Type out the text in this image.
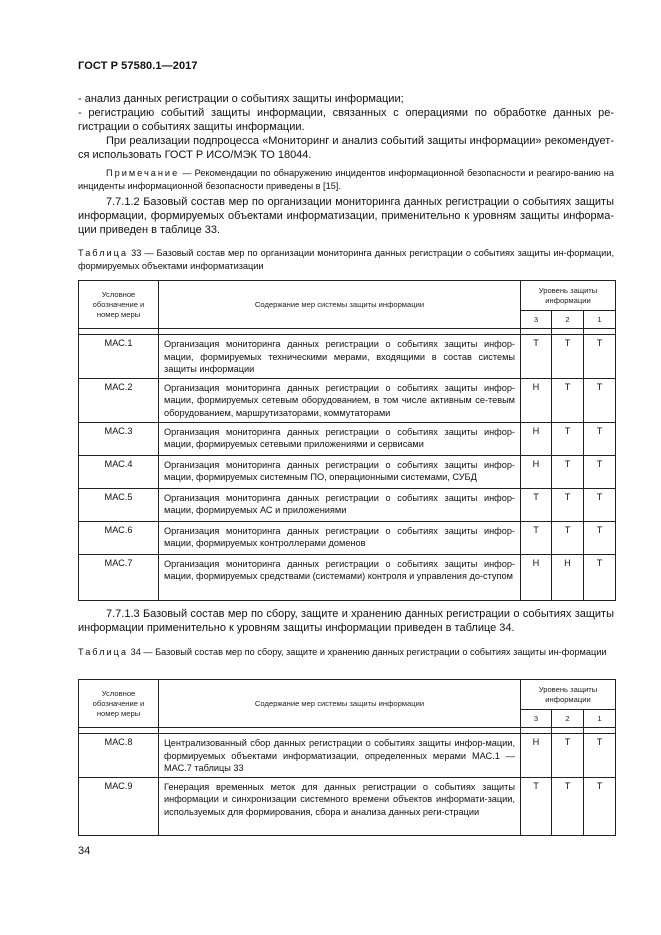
ГОСТ Р 57580.1—2017
- анализ данных регистрации о событиях защиты информации;
- регистрацию событий защиты информации, связанных с операциями по обработке данных ре-гистрации о событиях защиты информации.
При реализации подпроцесса «Мониторинг и анализ событий защиты информации» рекомендует-ся использовать ГОСТ Р ИСО/МЭК ТО 18044.
Примечание — Рекомендации по обнаружению инцидентов информационной безопасности и реагиро-ванию на инциденты информационной безопасности приведены в [15].
7.7.1.2 Базовый состав мер по организации мониторинга данных регистрации о событиях защиты информации, формируемых объектами информатизации, применительно к уровням защиты информа-ции приведен в таблице 33.
Таблица 33 — Базовый состав мер по организации мониторинга данных регистрации о событиях защиты ин-формации, формируемых объектами информатизации
Условное обозначение и номер меры	Содержание мер системы защиты информации	Уровень защиты информации		
		3	2	1

МАС.1	Организация мониторинга данных регистрации о событиях защиты инфор-мации, формируемых техническими мерами, входящими в состав системы защиты информации	Т	Т	Т
МАС.2	Организация мониторинга данных регистрации о событиях защиты инфор-мации, формируемых сетевым оборудованием, в том числе активным се-тевым оборудованием, маршрутизаторами, коммутаторами	Н	Т	Т
МАС.3	Организация мониторинга данных регистрации о событиях защиты инфор-мации, формируемых сетевыми приложениями и сервисами	Н	Т	Т
МАС.4	Организация мониторинга данных регистрации о событиях защиты инфор-мации, формируемых системным ПО, операционными системами, СУБД	Н	Т	Т
МАС.5	Организация мониторинга данных регистрации о событиях защиты инфор-мации, формируемых АС и приложениями	Т	Т	Т
МАС.6	Организация мониторинга данных регистрации о событиях защиты инфор-мации, формируемых контроллерами доменов	Т	Т	Т
МАС.7	Организация мониторинга данных регистрации о событиях защиты инфор-мации, формируемых средствами (системами) контроля и управления до-ступом	Н	Н	Т
7.7.1.3 Базовый состав мер по сбору, защите и хранению данных регистрации о событиях защиты информации применительно к уровням защиты информации приведен в таблице 34.
Таблица 34 — Базовый состав мер по сбору, защите и хранению данных регистрации о событиях защиты ин-формации
Условное обозначение и номер меры	Содержание мер системы защиты информации	Уровень защиты информации		
		3	2	1

МАС.8	Централизованный сбор данных регистрации о событиях защиты инфор-мации, формируемых объектами информатизации, определенных мерами МАС.1 — МАС.7 таблицы 33	Н	Т	Т
МАС.9	Генерация временных меток для данных регистрации о событиях защиты информации и синхронизации системного времени объектов информати-зации, используемых для формирования, сбора и анализа данных реги-страции	Т	Т	Т
34
